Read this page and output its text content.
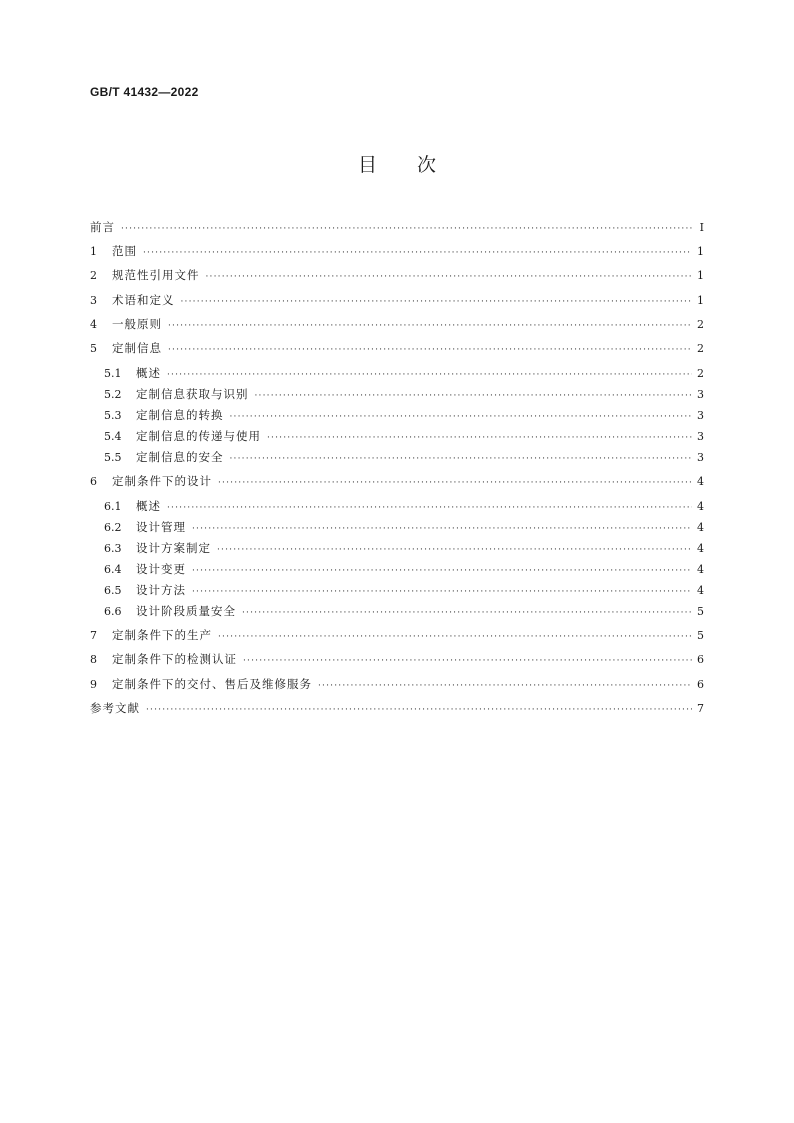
GB/T 41432—2022
目次
前言 ·····	Ⅰ
1	范围 ·····	1
2	规范性引用文件 ·····	1
3	术语和定义 ·····	1
4	一般原则 ·····	2
5	定制信息 ·····	2
5.1	概述 ·····	2
5.2	定制信息获取与识别 ·····	3
5.3	定制信息的转换 ·····	3
5.4	定制信息的传递与使用 ·····	3
5.5	定制信息的安全 ·····	3
6	定制条件下的设计 ·····	4
6.1	概述 ·····	4
6.2	设计管理 ·····	4
6.3	设计方案制定 ·····	4
6.4	设计变更 ·····	4
6.5	设计方法 ·····	4
6.6	设计阶段质量安全 ·····	5
7	定制条件下的生产 ·····	5
8	定制条件下的检测认证 ·····	6
9	定制条件下的交付、售后及维修服务 ·····	6
参考文献 ·····	7
